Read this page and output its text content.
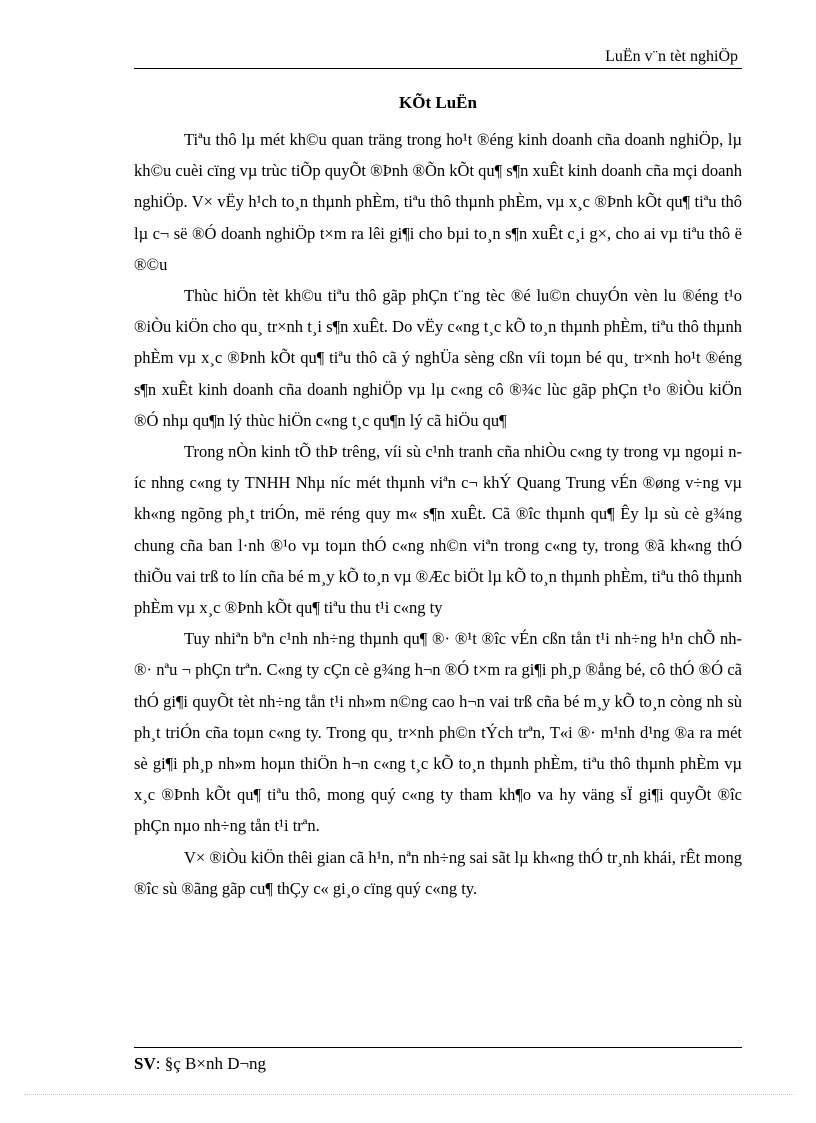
LuËn v¨n tèt nghiÖp
KÕt LuËn

Tiªu thô lµ mét kh©u quan träng trong ho¹t ®éng kinh doanh cña doanh nghiÖp, lµ kh©u cuèi cïng vµ trùc tiÕp quyÕt ®Þnh ®Õn kÕt qu¶ s¶n xuÊt kinh doanh cña mçi doanh nghiÖp. V× vËy h¹ch to¸n thµnh phÈm, tiªu thô thµnh phÈm, vµ x¸c ®Þnh kÕt qu¶ tiªu thô lµ c¬ së ®Ó doanh nghiÖp t×m ra lêi gi¶i cho bµi to¸n s¶n xuÊt c¸i g×, cho ai vµ tiªu thô ë ®©u

Thùc hiÖn tèt kh©u tiªu thô gãp phÇn t¨ng tèc ®é lu©n chuyÓn vèn lu ®éng t¹o ®iÒu kiÖn cho qu¸ tr×nh t¸i s¶n xuÊt. Do vËy c«ng t¸c kÕ to¸n thµnh phÈm, tiªu thô thµnh phÈm vµ x¸c ®Þnh kÕt qu¶ tiªu thô cã ý nghÜa sèng cßn víi toµn bé qu¸ tr×nh ho¹t ®éng s¶n xuÊt kinh doanh cña doanh nghiÖp vµ lµ c«ng cô ®¾c lùc gãp phÇn t¹o ®iÒu kiÖn ®Ó nhµ qu¶n lý thùc hiÖn c«ng t¸c qu¶n lý cã hiÖu qu¶

Trong nÒn kinh tÕ thÞ trêng, víi sù c¹nh tranh cña nhiÒu c«ng ty trong vµ ngoµi níc nhng c«ng ty TNHH Nhµ níc mét thµnh viªn c¬ khÝ Quang Trung vÉn ®øng v÷ng vµ kh«ng ngõng ph¸t triÓn, më réng quy m« s¶n xuÊt. Cã ®îc thµnh qu¶ Êy lµ sù cè g¾ng chung cña ban l·nh ®¹o vµ toµn thÓ c«ng nh©n viªn trong c«ng ty, trong ®ã kh«ng thÓ thiÕu vai trß to lín cña bé m¸y kÕ to¸n vµ ®Æc biÖt lµ kÕ to¸n thµnh phÈm, tiªu thô thµnh phÈm vµ x¸c ®Þnh kÕt qu¶ tiªu thu t¹i c«ng ty

Tuy nhiªn bªn c¹nh nh÷ng thµnh qu¶ ®· ®¹t ®îc vÉn cßn tån t¹i nh÷ng h¹n chÕ nh ®· nªu ¬ phÇn trªn. C«ng ty cÇn cè g¾ng h¬n ®Ó t×m ra gi¶i ph¸p ®ång bé, cô thÓ ®Ó cã thÓ gi¶i quyÕt tèt nh÷ng tån t¹i nh»m n©ng cao h¬n vai trß cña bé m¸y kÕ to¸n còng nh sù ph¸t triÓn cña toµn c«ng ty. Trong qu¸ tr×nh ph©n tÝch trªn, T«i ®· m¹nh d¹ng ®a ra mét sè gi¶i ph¸p nh»m hoµn thiÖn h¬n c«ng t¸c kÕ to¸n thµnh phÈm, tiªu thô thµnh phÈm vµ x¸c ®Þnh kÕt qu¶ tiªu thô, mong quý c«ng ty tham kh¶o va hy väng sÏ gi¶i quyÕt ®îc phÇn nµo nh÷ng tån t¹i trªn.

V× ®iÒu kiÖn thêi gian cã h¹n, nªn nh÷ng sai sãt lµ kh«ng thÓ tr¸nh khái, rÊt mong ®îc sù ®ãng gãp cu¶ thÇy c« gi¸o cïng quý c«ng ty.

SV: §ç B×nh D¬ng
